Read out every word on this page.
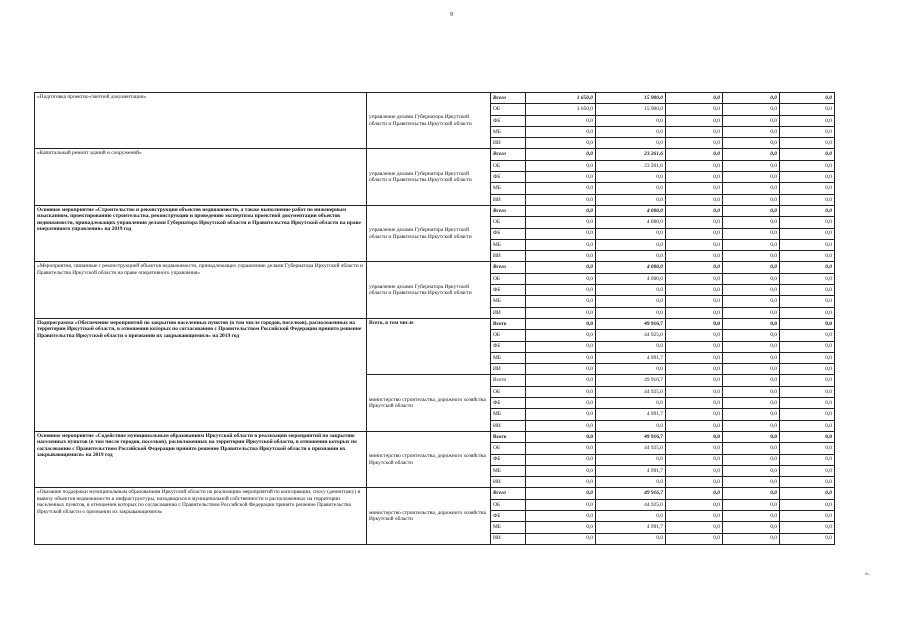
9
«Подготовка проектно-сметной документации»	управление делами Губернатора Иркутской области и Правительства Иркутской области	Всего	1 650,0	15 900,0	0,0	0,0	0,0
		ОБ	1 650,0	15 900,0	0,0	0,0	0,0
		ФБ	0,0	0,0	0,0	0,0	0,0
		МБ	0,0	0,0	0,0	0,0	0,0
		ИИ	0,0	0,0	0,0	0,0	0,0
«Капитальный ремонт зданий и сооружений»	управление делами Губернатора Иркутской области и Правительства Иркутской области	Всего	0,0	23 261,6	0,0	0,0	0,0
		ОБ	0,0	23 261,6	0,0	0,0	0,0
		ФБ	0,0	0,0	0,0	0,0	0,0
		МБ	0,0	0,0	0,0	0,0	0,0
		ИИ	0,0	0,0	0,0	0,0	0,0
Основное мероприятие «Строительство и реконструкция объектов недвижимости, а также выполнение работ по инженерным изысканиям, проектированию строительства, реконструкции и проведению экспертизы проектной документации объектов недвижимости, принадлежащих управлению делами Губернатора Иркутской области и Правительства Иркутской области на праве оперативного управления» на 2019 год	управление делами Губернатора Иркутской области и Правительства Иркутской области	Всего	0,0	4 000,0	0,0	0,0	0,0
		ОБ	0,0	4 000,0	0,0	0,0	0,0
		ФБ	0,0	0,0	0,0	0,0	0,0
		МБ	0,0	0,0	0,0	0,0	0,0
		ИИ	0,0	0,0	0,0	0,0	0,0
«Мероприятия, связанные с реконструкцией объектов недвижимости, принадлежащих управлению делами Губернатора Иркутской области и Правительства Иркутской области на праве оперативного управления»	управление делами Губернатора Иркутской области и Правительства Иркутской области	Всего	0,0	4 000,0	0,0	0,0	0,0
		ОБ	0,0	4 000,0	0,0	0,0	0,0
		ФБ	0,0	0,0	0,0	0,0	0,0
		МБ	0,0	0,0	0,0	0,0	0,0
		ИИ	0,0	0,0	0,0	0,0	0,0
Подпрограмма «Обеспечение мероприятий по закрытию населенных пунктов (в том числе городов, поселков), расположенных на территории Иркутской области, в отношении которых по согласованию с Правительством Российской Федерации принято решение Правительства Иркутской области о признании их закрывающимися» на 2019 год	Всего, в том числе	Всего	0,0	49 916,7	0,0	0,0	0,0
		ОБ	0,0	44 925,0	0,0	0,0	0,0
		ФБ	0,0	0,0	0,0	0,0	0,0
		МБ	0,0	4 991,7	0,0	0,0	0,0
		ИИ	0,0	0,0	0,0	0,0	0,0
	министерство строительства, дорожного хозяйства Иркутской области	Всего	0,0	49 916,7	0,0	0,0	0,0
		ОБ	0,0	44 925,0	0,0	0,0	0,0
		ФБ	0,0	0,0	0,0	0,0	0,0
		МБ	0,0	4 991,7	0,0	0,0	0,0
		ИИ	0,0	0,0	0,0	0,0	0,0
Основное мероприятие «Содействие муниципальным образованиям Иркутской области в реализации мероприятий по закрытию населенных пунктов (в том числе городов, поселков), расположенных на территории Иркутской области, в отношении которых по согласованию с Правительством Российской Федерации принято решение Правительства Иркутской области о признании их закрывающимися» на 2019 год	министерство строительства, дорожного хозяйства Иркутской области	Всего	0,0	49 916,7	0,0	0,0	0,0
		ОБ	0,0	44 925,0	0,0	0,0	0,0
		ФБ	0,0	0,0	0,0	0,0	0,0
		МБ	0,0	4 991,7	0,0	0,0	0,0
		ИИ	0,0	0,0	0,0	0,0	0,0
«Оказание поддержки муниципальным образованиям Иркутской области на реализацию мероприятий по консервации, сносу (демонтажу) и вывозу объектов недвижимости и инфраструктуры, находящихся в муниципальной собственности и расположенных на территории населенных пунктов, в отношении которых по согласованию с Правительством Российской Федерации принято решение Правительства Иркутской области о признании их закрывающимися»	министерство строительства, дорожного хозяйства Иркутской области	Всего	0,0	49 916,7	0,0	0,0	0,0
		ОБ	0,0	44 925,0	0,0	0,0	0,0
		ФБ	0,0	0,0	0,0	0,0	0,0
		МБ	0,0	4 991,7	0,0	0,0	0,0
		ИИ	0,0	0,0	0,0	0,0	0,0
».
